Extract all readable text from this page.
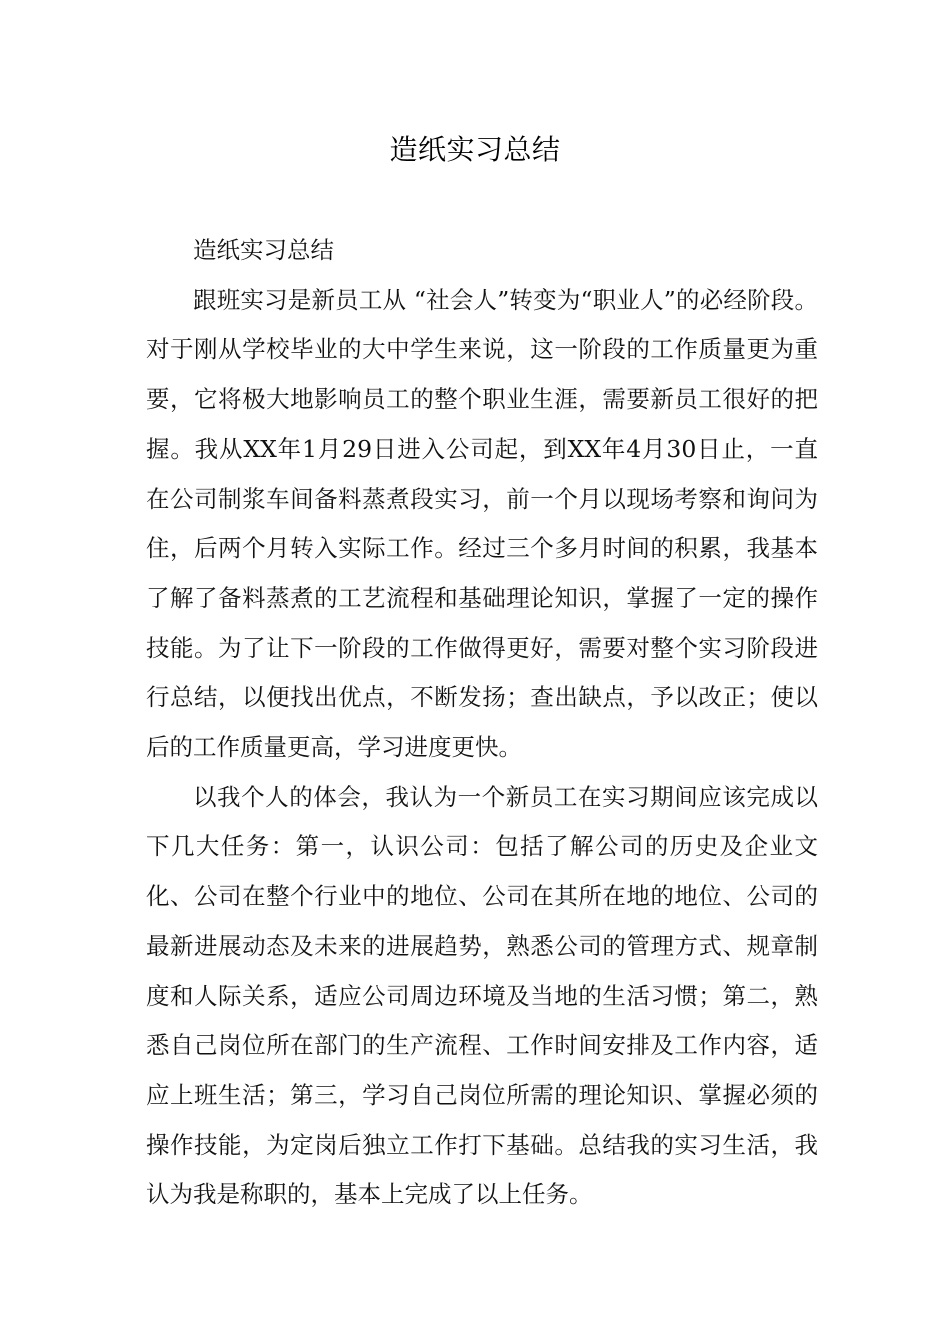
造纸实习总结

造纸实习总结

跟班实习是新员工从 “社会人”转变为“职业人”的必经阶段。对于刚从学校毕业的大中学生来说，这一阶段的工作质量更为重要，它将极大地影响员工的整个职业生涯，需要新员工很好的把握。我从XX年1月29日进入公司起，到XX年4月30日止，一直在公司制浆车间备料蒸煮段实习，前一个月以现场考察和询问为住，后两个月转入实际工作。经过三个多月时间的积累，我基本了解了备料蒸煮的工艺流程和基础理论知识，掌握了一定的操作技能。为了让下一阶段的工作做得更好，需要对整个实习阶段进行总结，以便找出优点，不断发扬；查出缺点，予以改正；使以后的工作质量更高，学习进度更快。

以我个人的体会，我认为一个新员工在实习期间应该完成以下几大任务：第一，认识公司：包括了解公司的历史及企业文化、公司在整个行业中的地位、公司在其所在地的地位、公司的最新进展动态及未来的进展趋势，熟悉公司的管理方式、规章制度和人际关系，适应公司周边环境及当地的生活习惯；第二，熟悉自己岗位所在部门的生产流程、工作时间安排及工作内容，适应上班生活；第三，学习自己岗位所需的理论知识、掌握必须的操作技能，为定岗后独立工作打下基础。总结我的实习生活，我认为我是称职的，基本上完成了以上任务。
